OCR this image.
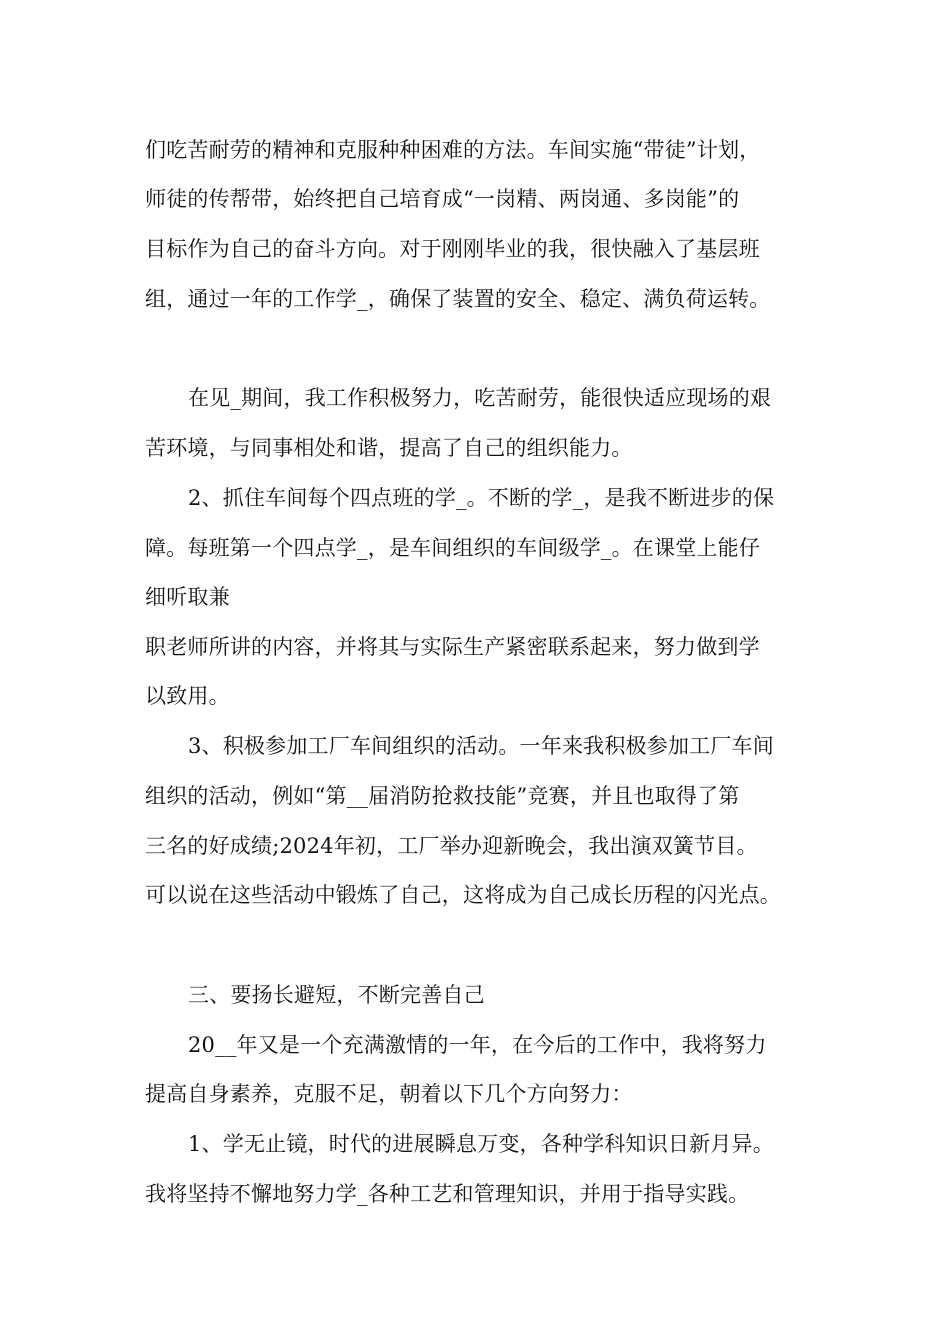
们吃苦耐劳的精神和克服种种困难的方法。车间实施“带徒”计划，
师徒的传帮带，始终把自己培育成“一岗精、两岗通、多岗能”的
目标作为自己的奋斗方向。对于刚刚毕业的我，很快融入了基层班
组，通过一年的工作学_，确保了装置的安全、稳定、满负荷运转。
在见_期间，我工作积极努力，吃苦耐劳，能很快适应现场的艰
苦环境，与同事相处和谐，提高了自己的组织能力。
2、抓住车间每个四点班的学_。不断的学_，是我不断进步的保
障。每班第一个四点学_，是车间组织的车间级学_。在课堂上能仔
细听取兼
职老师所讲的内容，并将其与实际生产紧密联系起来，努力做到学
以致用。
3、积极参加工厂车间组织的活动。一年来我积极参加工厂车间
组织的活动，例如“第__届消防抢救技能”竞赛，并且也取得了第
三名的好成绩;2024年初，工厂举办迎新晚会，我出演双簧节目。
可以说在这些活动中锻炼了自己，这将成为自己成长历程的闪光点。
三、要扬长避短，不断完善自己
20__年又是一个充满激情的一年，在今后的工作中，我将努力
提高自身素养，克服不足，朝着以下几个方向努力：
1、学无止镜，时代的进展瞬息万变，各种学科知识日新月异。
我将坚持不懈地努力学_各种工艺和管理知识，并用于指导实践。
